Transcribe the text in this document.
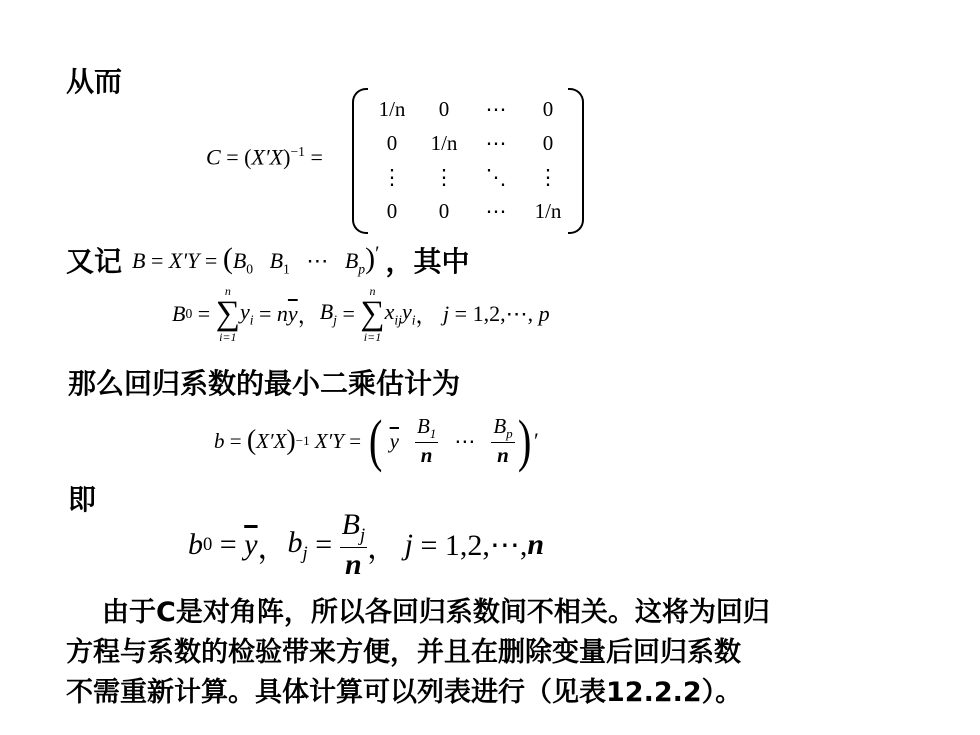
从而
$C = (X'X)^{-1}$ =
1/n	0	⋯	0
0	1/n	⋯	0
⋮	⋮	⋱	⋮
0	0	⋯	1/n
又记 $B = X'Y = (B_0$ $B_1$   ⋯   $B_p)'$ ，其中
B 0 =
n
∑
i=1
$y_i = n$ $\overline{y}$ ， $B_j$ =
n
∑
i=1
$x_{ij}y_i$ ， j = 1,2,⋯, p
那么回归系数的最小二乘估计为
b = ( X′X ) −1
X′Y = ( $\overline{y} \frac{B_1}{n}$ ⋯ $\frac{B_p}{n}$ ) ′
即
b $0 = \overline{y}$ ， $b_j = \frac{B_j}{n}$ ， j = 1,2,⋯, n
由于C是对角阵，所以各回归系数间不相关。这将为回归
方程与系数的检验带来方便，并且在删除变量后回归系数
不需重新计算。具体计算可以列表进行（见表12.2.2）。
